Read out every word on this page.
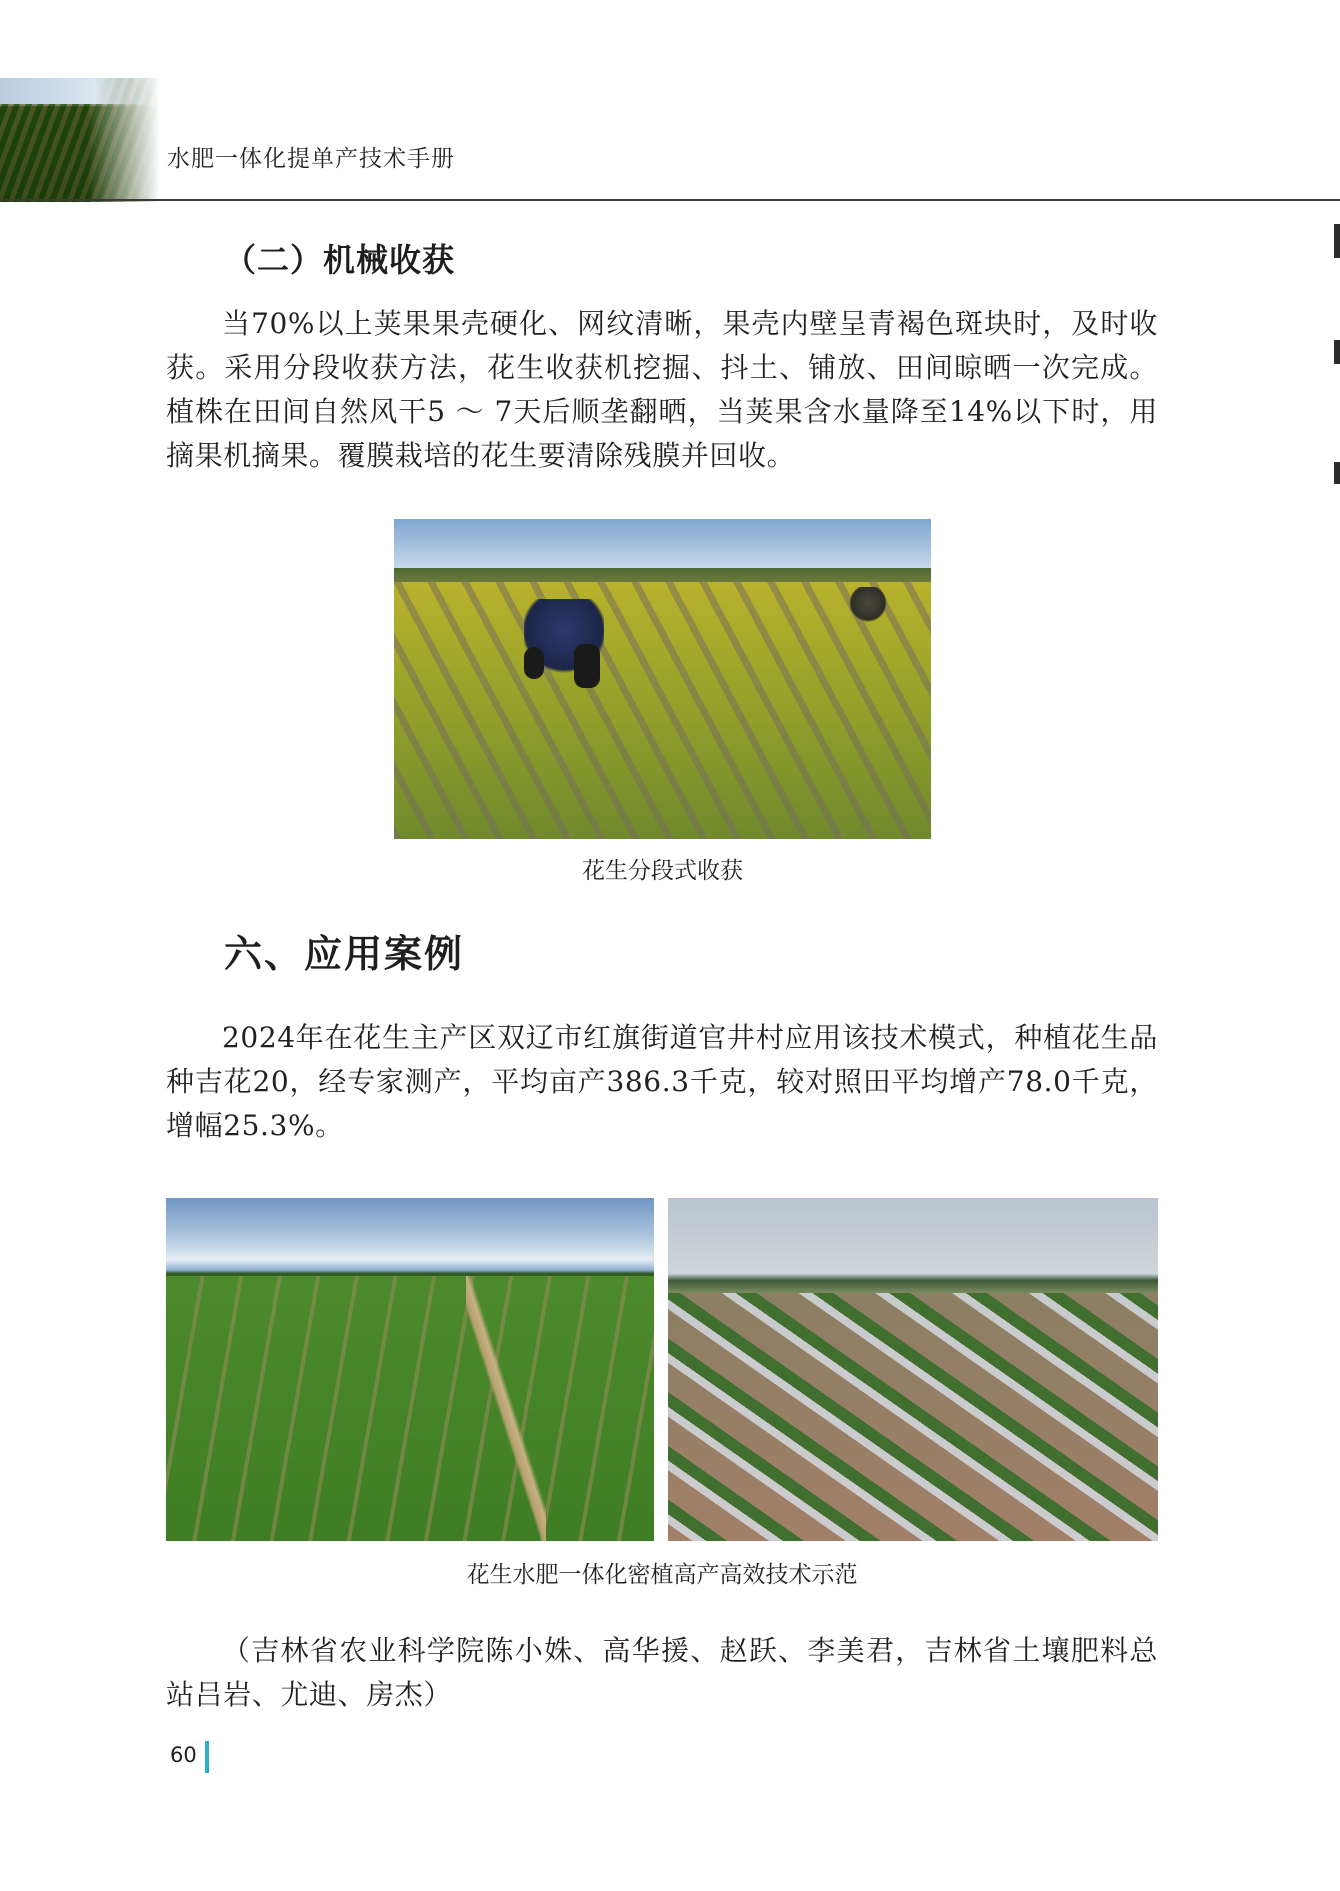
水肥一体化提单产技术手册
（二）机械收获

当70%以上荚果果壳硬化、网纹清晰，果壳内壁呈青褐色斑块时，及时收获。采用分段收获方法，花生收获机挖掘、抖土、铺放、田间晾晒一次完成。植株在田间自然风干5 ～ 7天后顺垄翻晒，当荚果含水量降至14%以下时，用摘果机摘果。覆膜栽培的花生要清除残膜并回收。

花生分段式收获

六、应用案例

2024年在花生主产区双辽市红旗街道官井村应用该技术模式，种植花生品种吉花20，经专家测产，平均亩产386.3千克，较对照田平均增产78.0千克，增幅25.3%。

花生水肥一体化密植高产高效技术示范

（吉林省农业科学院陈小姝、高华援、赵跃、李美君，吉林省土壤肥料总站吕岩、尤迪、房杰）

60
